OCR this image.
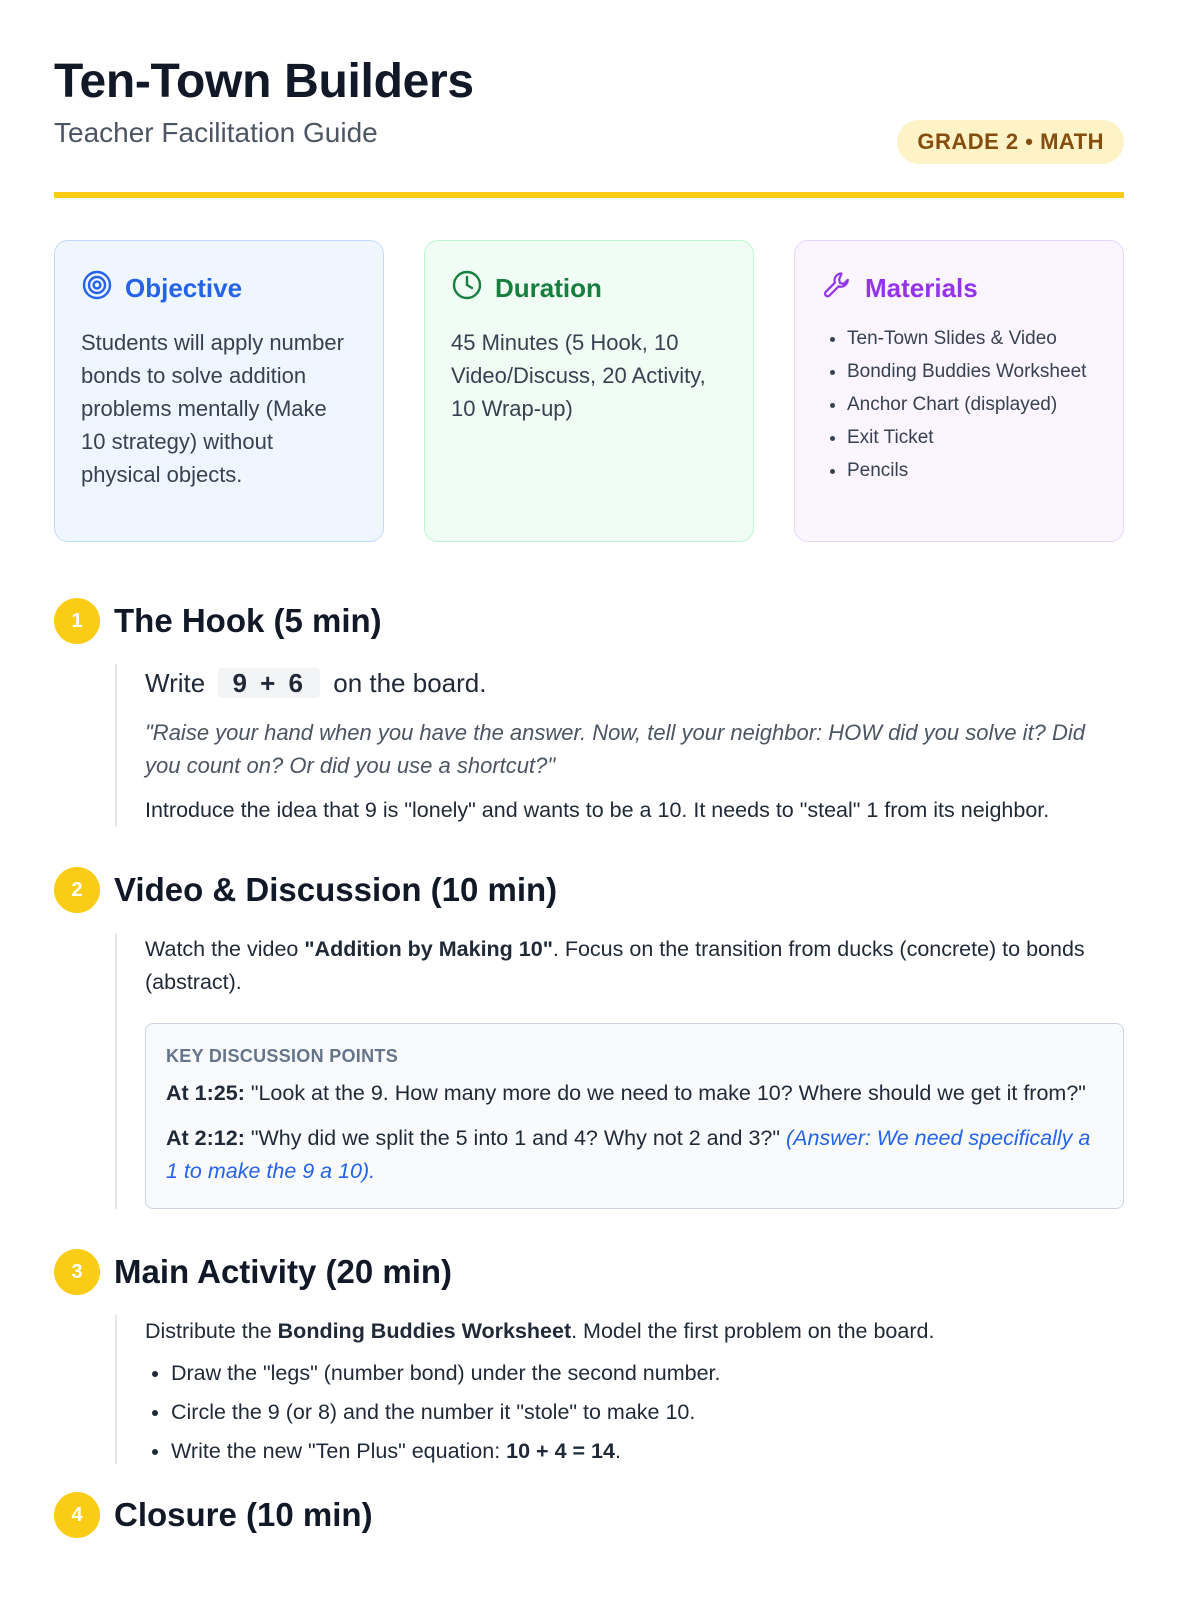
Ten-Town Builders
Teacher Facilitation Guide	GRADE 2 • MATH
Objective
Students will apply number bonds to solve addition problems mentally (Make 10 strategy) without physical objects.
Duration
45 Minutes (5 Hook, 10 Video/Discuss, 20 Activity, 10 Wrap-up)
Materials
• Ten-Town Slides & Video
• Bonding Buddies Worksheet
• Anchor Chart (displayed)
• Exit Ticket
• Pencils
1 The Hook (5 min)
Write 9 + 6 on the board.
"Raise your hand when you have the answer. Now, tell your neighbor: HOW did you solve it? Did you count on? Or did you use a shortcut?"
Introduce the idea that 9 is "lonely" and wants to be a 10. It needs to "steal" 1 from its neighbor.
2 Video & Discussion (10 min)
Watch the video "Addition by Making 10". Focus on the transition from ducks (concrete) to bonds (abstract).
KEY DISCUSSION POINTS
At 1:25: "Look at the 9. How many more do we need to make 10? Where should we get it from?"
At 2:12: "Why did we split the 5 into 1 and 4? Why not 2 and 3?" (Answer: We need specifically a 1 to make the 9 a 10).
3 Main Activity (20 min)
Distribute the Bonding Buddies Worksheet. Model the first problem on the board.
• Draw the "legs" (number bond) under the second number.
• Circle the 9 (or 8) and the number it "stole" to make 10.
• Write the new "Ten Plus" equation: 10 + 4 = 14.
4 Closure (10 min)
